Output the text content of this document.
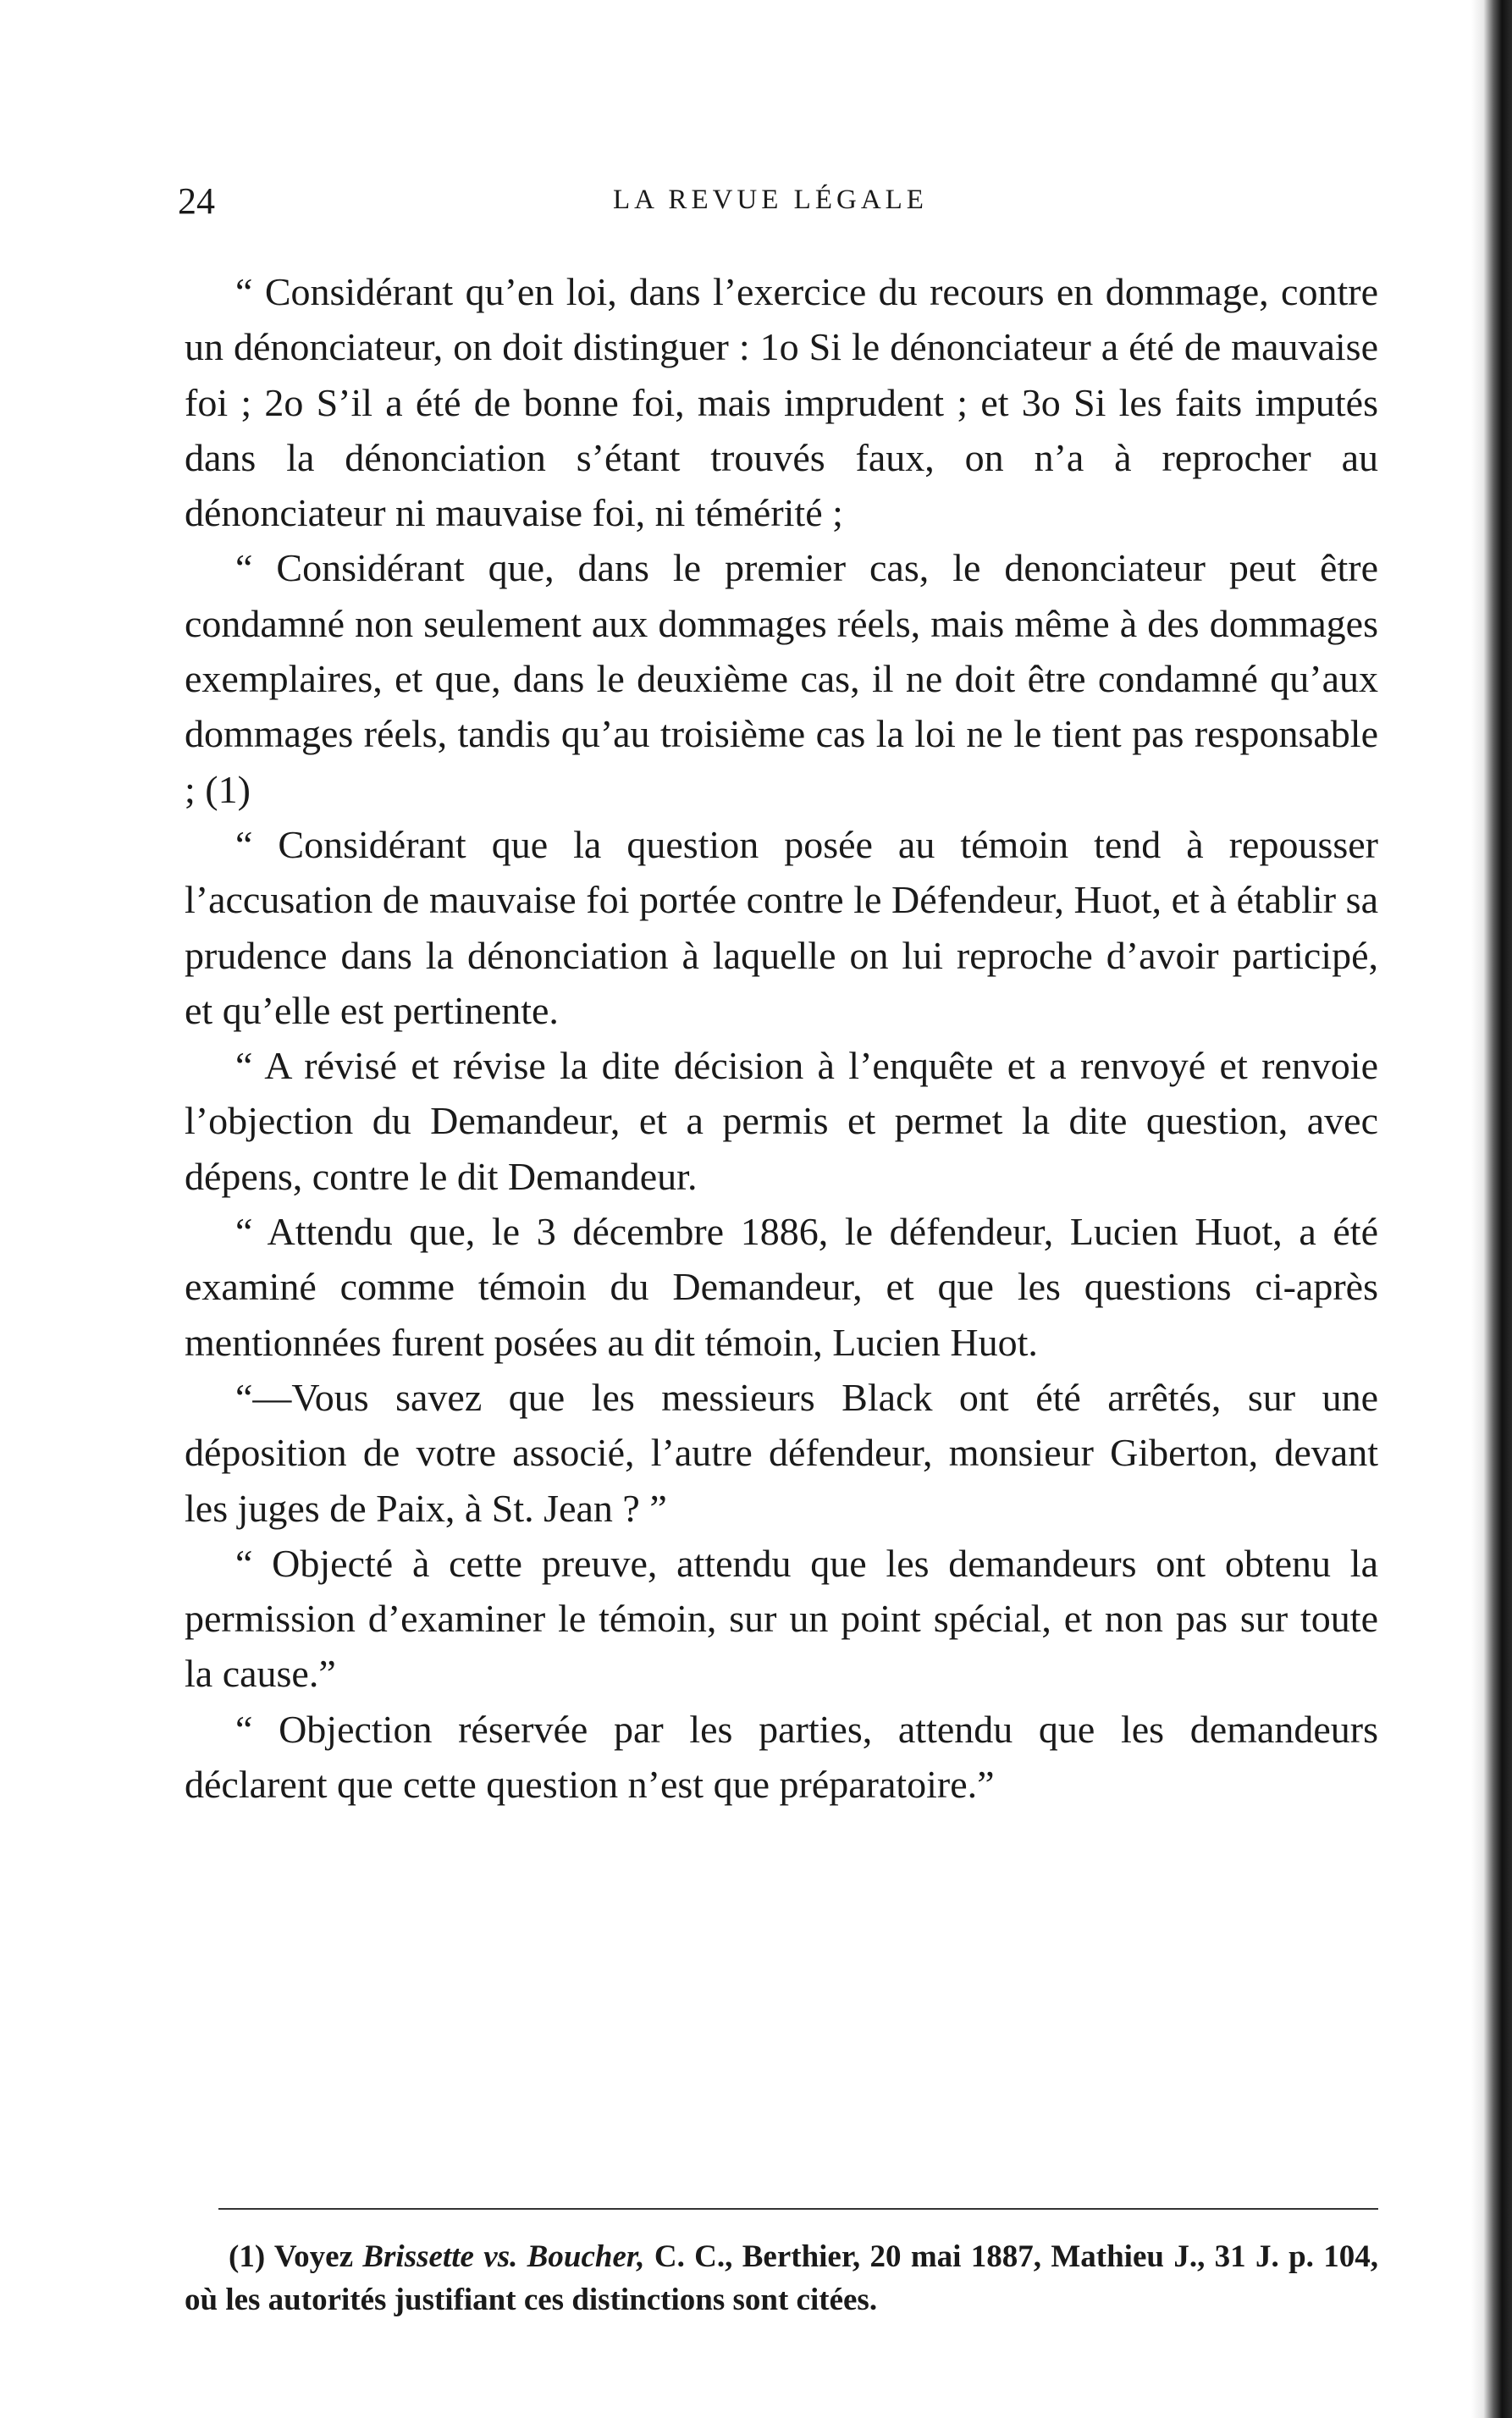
24	LA REVUE LÉGALE

“ Considérant qu’en loi, dans l’exercice du recours en dommage, contre un dénonciateur, on doit distinguer : 1o Si le dénonciateur a été de mauvaise foi ; 2o S’il a été de bonne foi, mais imprudent ; et 3o Si les faits imputés dans la dénonciation s’étant trouvés faux, on n’a à reprocher au dénonciateur ni mauvaise foi, ni témérité ;

“ Considérant que, dans le premier cas, le denonciateur peut être condamné non seulement aux dommages réels, mais même à des dommages exemplaires, et que, dans le deuxième cas, il ne doit être condamné qu’aux dommages réels, tandis qu’au troisième cas la loi ne le tient pas responsable ; (1)

“ Considérant que la question posée au témoin tend à repousser l’accusation de mauvaise foi portée contre le Défendeur, Huot, et à établir sa prudence dans la dénonciation à laquelle on lui reproche d’avoir participé, et qu’elle est pertinente.

“ A révisé et révise la dite décision à l’enquête et a renvoyé et renvoie l’objection du Demandeur, et a permis et permet la dite question, avec dépens, contre le dit Demandeur.

“ Attendu que, le 3 décembre 1886, le défendeur, Lucien Huot, a été examiné comme témoin du Demandeur, et que les questions ci-après mentionnées furent posées au dit témoin, Lucien Huot.

“—Vous savez que les messieurs Black ont été arrêtés, sur une déposition de votre associé, l’autre défendeur, monsieur Giberton, devant les juges de Paix, à St. Jean ? ”

“ Objecté à cette preuve, attendu que les demandeurs ont obtenu la permission d’examiner le témoin, sur un point spécial, et non pas sur toute la cause.”

“ Objection réservée par les parties, attendu que les demandeurs déclarent que cette question n’est que préparatoire.”

(1) Voyez Brissette vs. Boucher, C. C., Berthier, 20 mai 1887, Mathieu J., 31 J. p. 104, où les autorités justifiant ces distinctions sont citées.
